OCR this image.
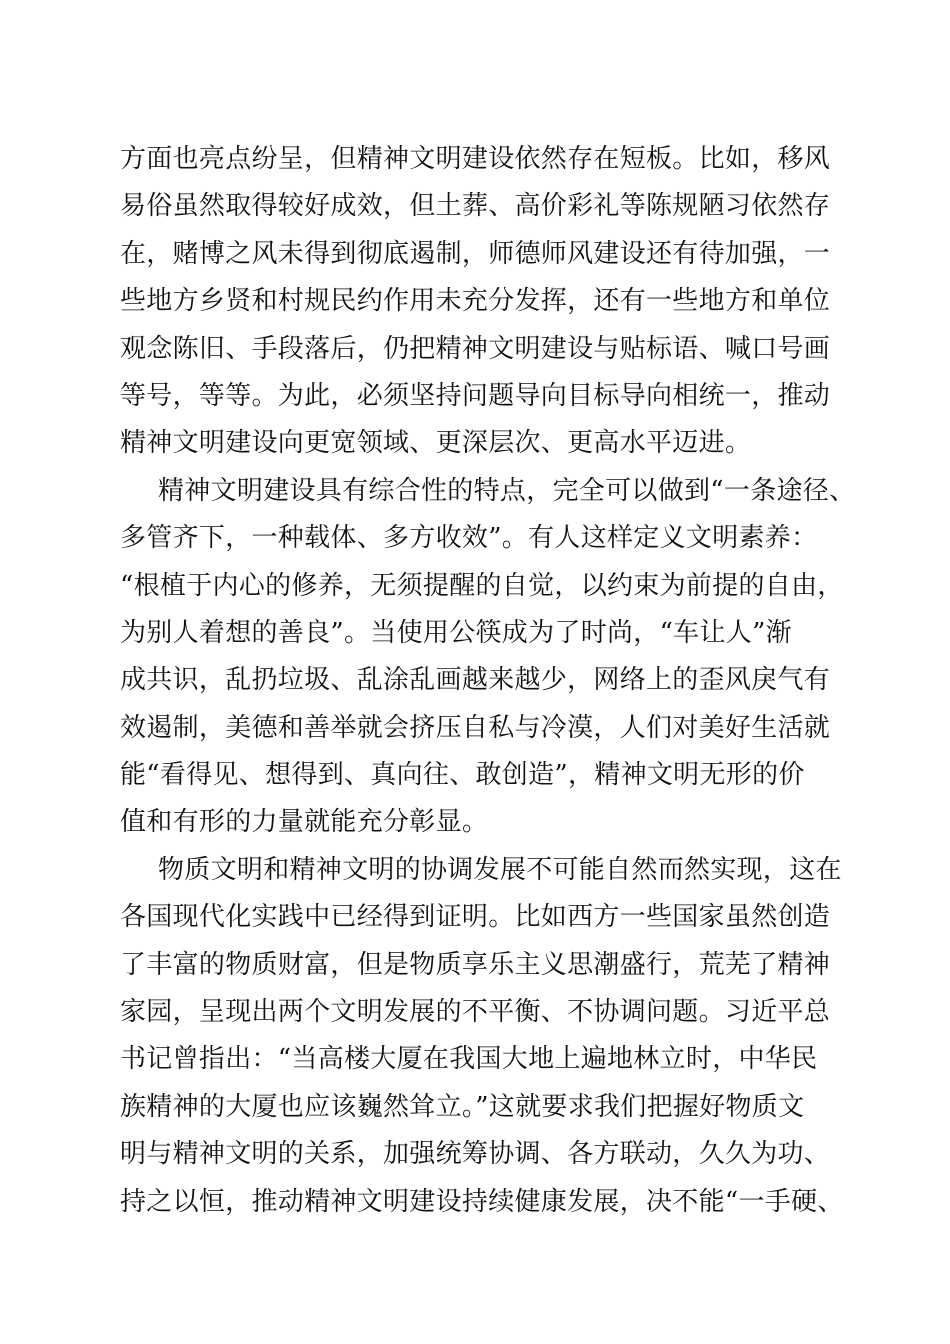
方面也亮点纷呈，但精神文明建设依然存在短板。比如，移风
易俗虽然取得较好成效，但土葬、高价彩礼等陈规陋习依然存
在，赌博之风未得到彻底遏制，师德师风建设还有待加强，一
些地方乡贤和村规民约作用未充分发挥，还有一些地方和单位
观念陈旧、手段落后，仍把精神文明建设与贴标语、喊口号画
等号，等等。为此，必须坚持问题导向目标导向相统一，推动
精神文明建设向更宽领域、更深层次、更高水平迈进。
精神文明建设具有综合性的特点，完全可以做到“一条途径、
多管齐下，一种载体、多方收效”。有人这样定义文明素养：
“根植于内心的修养，无须提醒的自觉，以约束为前提的自由，
为别人着想的善良”。当使用公筷成为了时尚，“车让人”渐
成共识，乱扔垃圾、乱涂乱画越来越少，网络上的歪风戾气有
效遏制，美德和善举就会挤压自私与冷漠，人们对美好生活就
能“看得见、想得到、真向往、敢创造”，精神文明无形的价
值和有形的力量就能充分彰显。
物质文明和精神文明的协调发展不可能自然而然实现，这在
各国现代化实践中已经得到证明。比如西方一些国家虽然创造
了丰富的物质财富，但是物质享乐主义思潮盛行，荒芜了精神
家园，呈现出两个文明发展的不平衡、不协调问题。习近平总
书记曾指出：“当高楼大厦在我国大地上遍地林立时，中华民
族精神的大厦也应该巍然耸立。”这就要求我们把握好物质文
明与精神文明的关系，加强统筹协调、各方联动，久久为功、
持之以恒，推动精神文明建设持续健康发展，决不能“一手硬、
